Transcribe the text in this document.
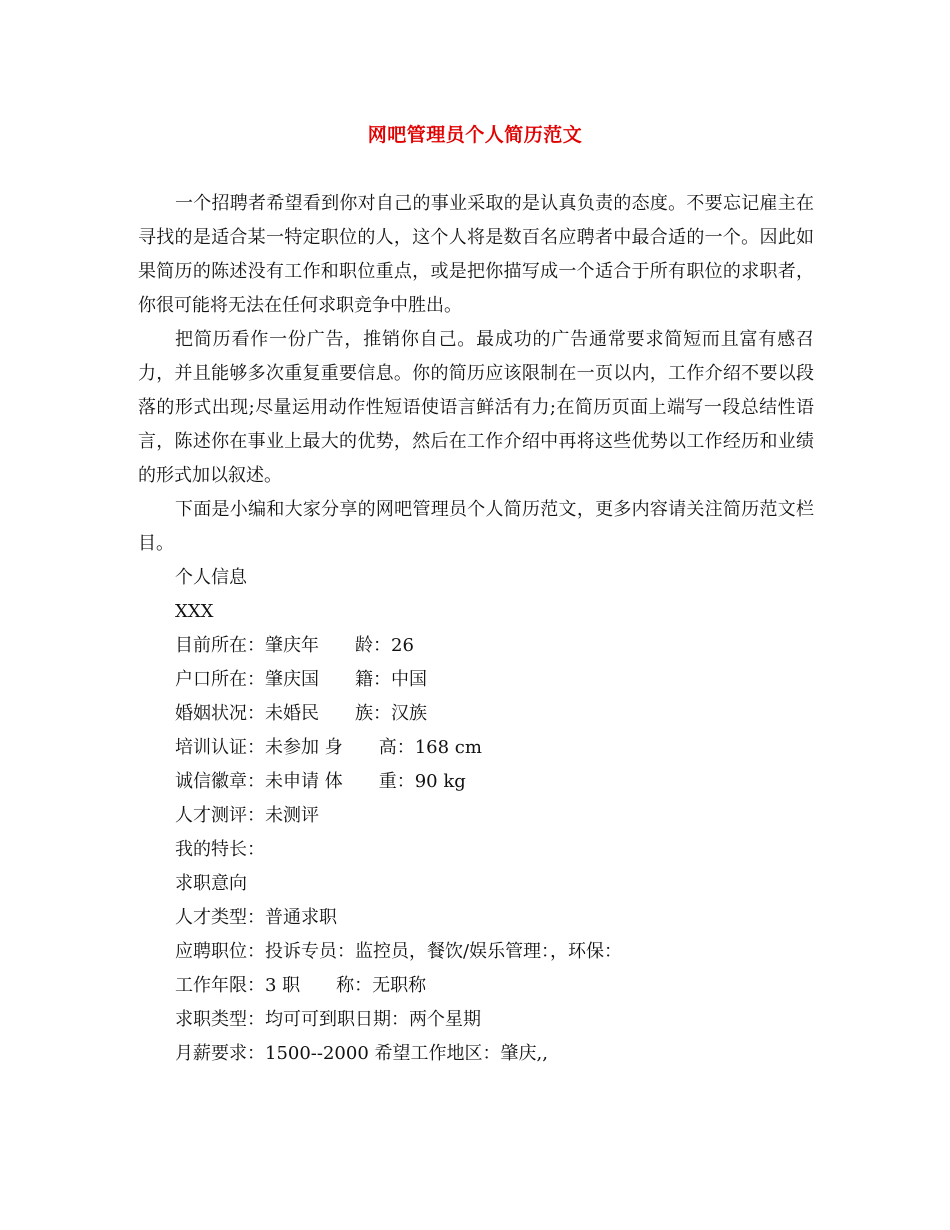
网吧管理员个人简历范文

一个招聘者希望看到你对自己的事业采取的是认真负责的态度。不要忘记雇主在寻找的是适合某一特定职位的人，这个人将是数百名应聘者中最合适的一个。因此如果简历的陈述没有工作和职位重点，或是把你描写成一个适合于所有职位的求职者，你很可能将无法在任何求职竞争中胜出。

把简历看作一份广告，推销你自己。最成功的广告通常要求简短而且富有感召力，并且能够多次重复重要信息。你的简历应该限制在一页以内，工作介绍不要以段落的形式出现;尽量运用动作性短语使语言鲜活有力;在简历页面上端写一段总结性语言，陈述你在事业上最大的优势，然后在工作介绍中再将这些优势以工作经历和业绩的形式加以叙述。

下面是小编和大家分享的网吧管理员个人简历范文，更多内容请关注简历范文栏目。

个人信息

XXX

目前所在：肇庆年　　龄：26

户口所在：肇庆国　　籍：中国

婚姻状况：未婚民　　族：汉族

培训认证：未参加 身　　高：168 cm

诚信徽章：未申请 体　　重：90 kg

人才测评：未测评

我的特长：

求职意向

人才类型：普通求职

应聘职位：投诉专员：监控员，餐饮/娱乐管理：，环保：

工作年限：3 职　　称：无职称

求职类型：均可可到职日期：两个星期

月薪要求：1500--2000 希望工作地区：肇庆,,
